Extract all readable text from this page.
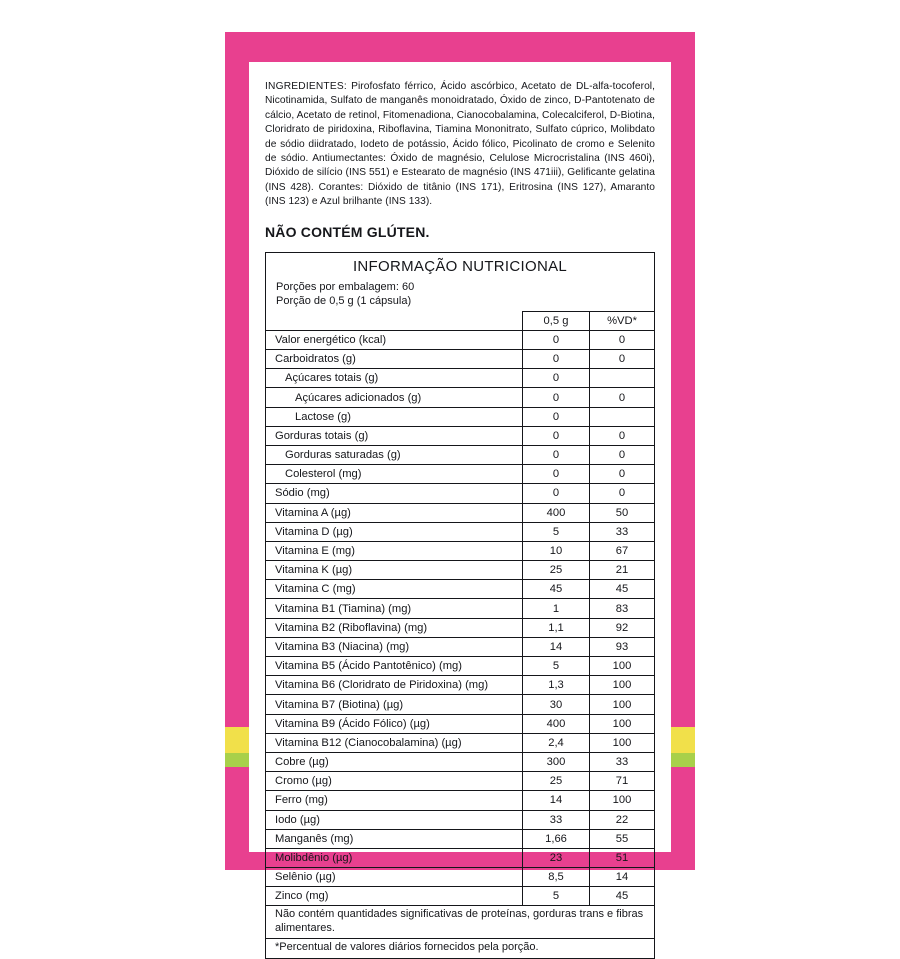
INGREDIENTES: Pirofosfato férrico, Ácido ascórbico, Acetato de DL-alfa-tocoferol, Nicotinamida, Sulfato de manganês monoidratado, Óxido de zinco, D-Pantotenato de cálcio, Acetato de retinol, Fitomenadiona, Cianocobalamina, Colecalciferol, D-Biotina, Cloridrato de piridoxina, Riboflavina, Tiamina Mononitrato, Sulfato cúprico, Molibdato de sódio diidratado, Iodeto de potássio, Ácido fólico, Picolinato de cromo e Selenito de sódio. Antiumectantes: Óxido de magnésio, Celulose Microcristalina (INS 460i), Dióxido de silício (INS 551) e Estearato de magnésio (INS 471iii), Gelificante gelatina (INS 428). Corantes: Dióxido de titânio (INS 171), Eritrosina (INS 127), Amaranto (INS 123) e Azul brilhante (INS 133).
NÃO CONTÉM GLÚTEN.
INFORMAÇÃO NUTRICIONAL
Porções por embalagem: 60
Porção de 0,5 g (1 cápsula)
	0,5 g	%VD*
Valor energético (kcal)	0	0
Carboidratos (g)	0	0
Açúcares totais (g)	0	
Açúcares adicionados (g)	0	0
Lactose (g)	0	
Gorduras totais (g)	0	0
Gorduras saturadas (g)	0	0
Colesterol (mg)	0	0
Sódio (mg)	0	0
Vitamina A (µg)	400	50
Vitamina D (µg)	5	33
Vitamina E (mg)	10	67
Vitamina K (µg)	25	21
Vitamina C (mg)	45	45
Vitamina B1 (Tiamina) (mg)	1	83
Vitamina B2 (Riboflavina) (mg)	1,1	92
Vitamina B3 (Niacina) (mg)	14	93
Vitamina B5 (Ácido Pantotênico) (mg)	5	100
Vitamina B6 (Cloridrato de Piridoxina) (mg)	1,3	100
Vitamina B7 (Biotina) (µg)	30	100
Vitamina B9 (Ácido Fólico) (µg)	400	100
Vitamina B12 (Cianocobalamina) (µg)	2,4	100
Cobre (µg)	300	33
Cromo (µg)	25	71
Ferro (mg)	14	100
Iodo (µg)	33	22
Manganês (mg)	1,66	55
Molibdênio (µg)	23	51
Selênio (µg)	8,5	14
Zinco (mg)	5	45
Não contém quantidades significativas de proteínas, gorduras trans e fibras alimentares.
*Percentual de valores diários fornecidos pela porção.
